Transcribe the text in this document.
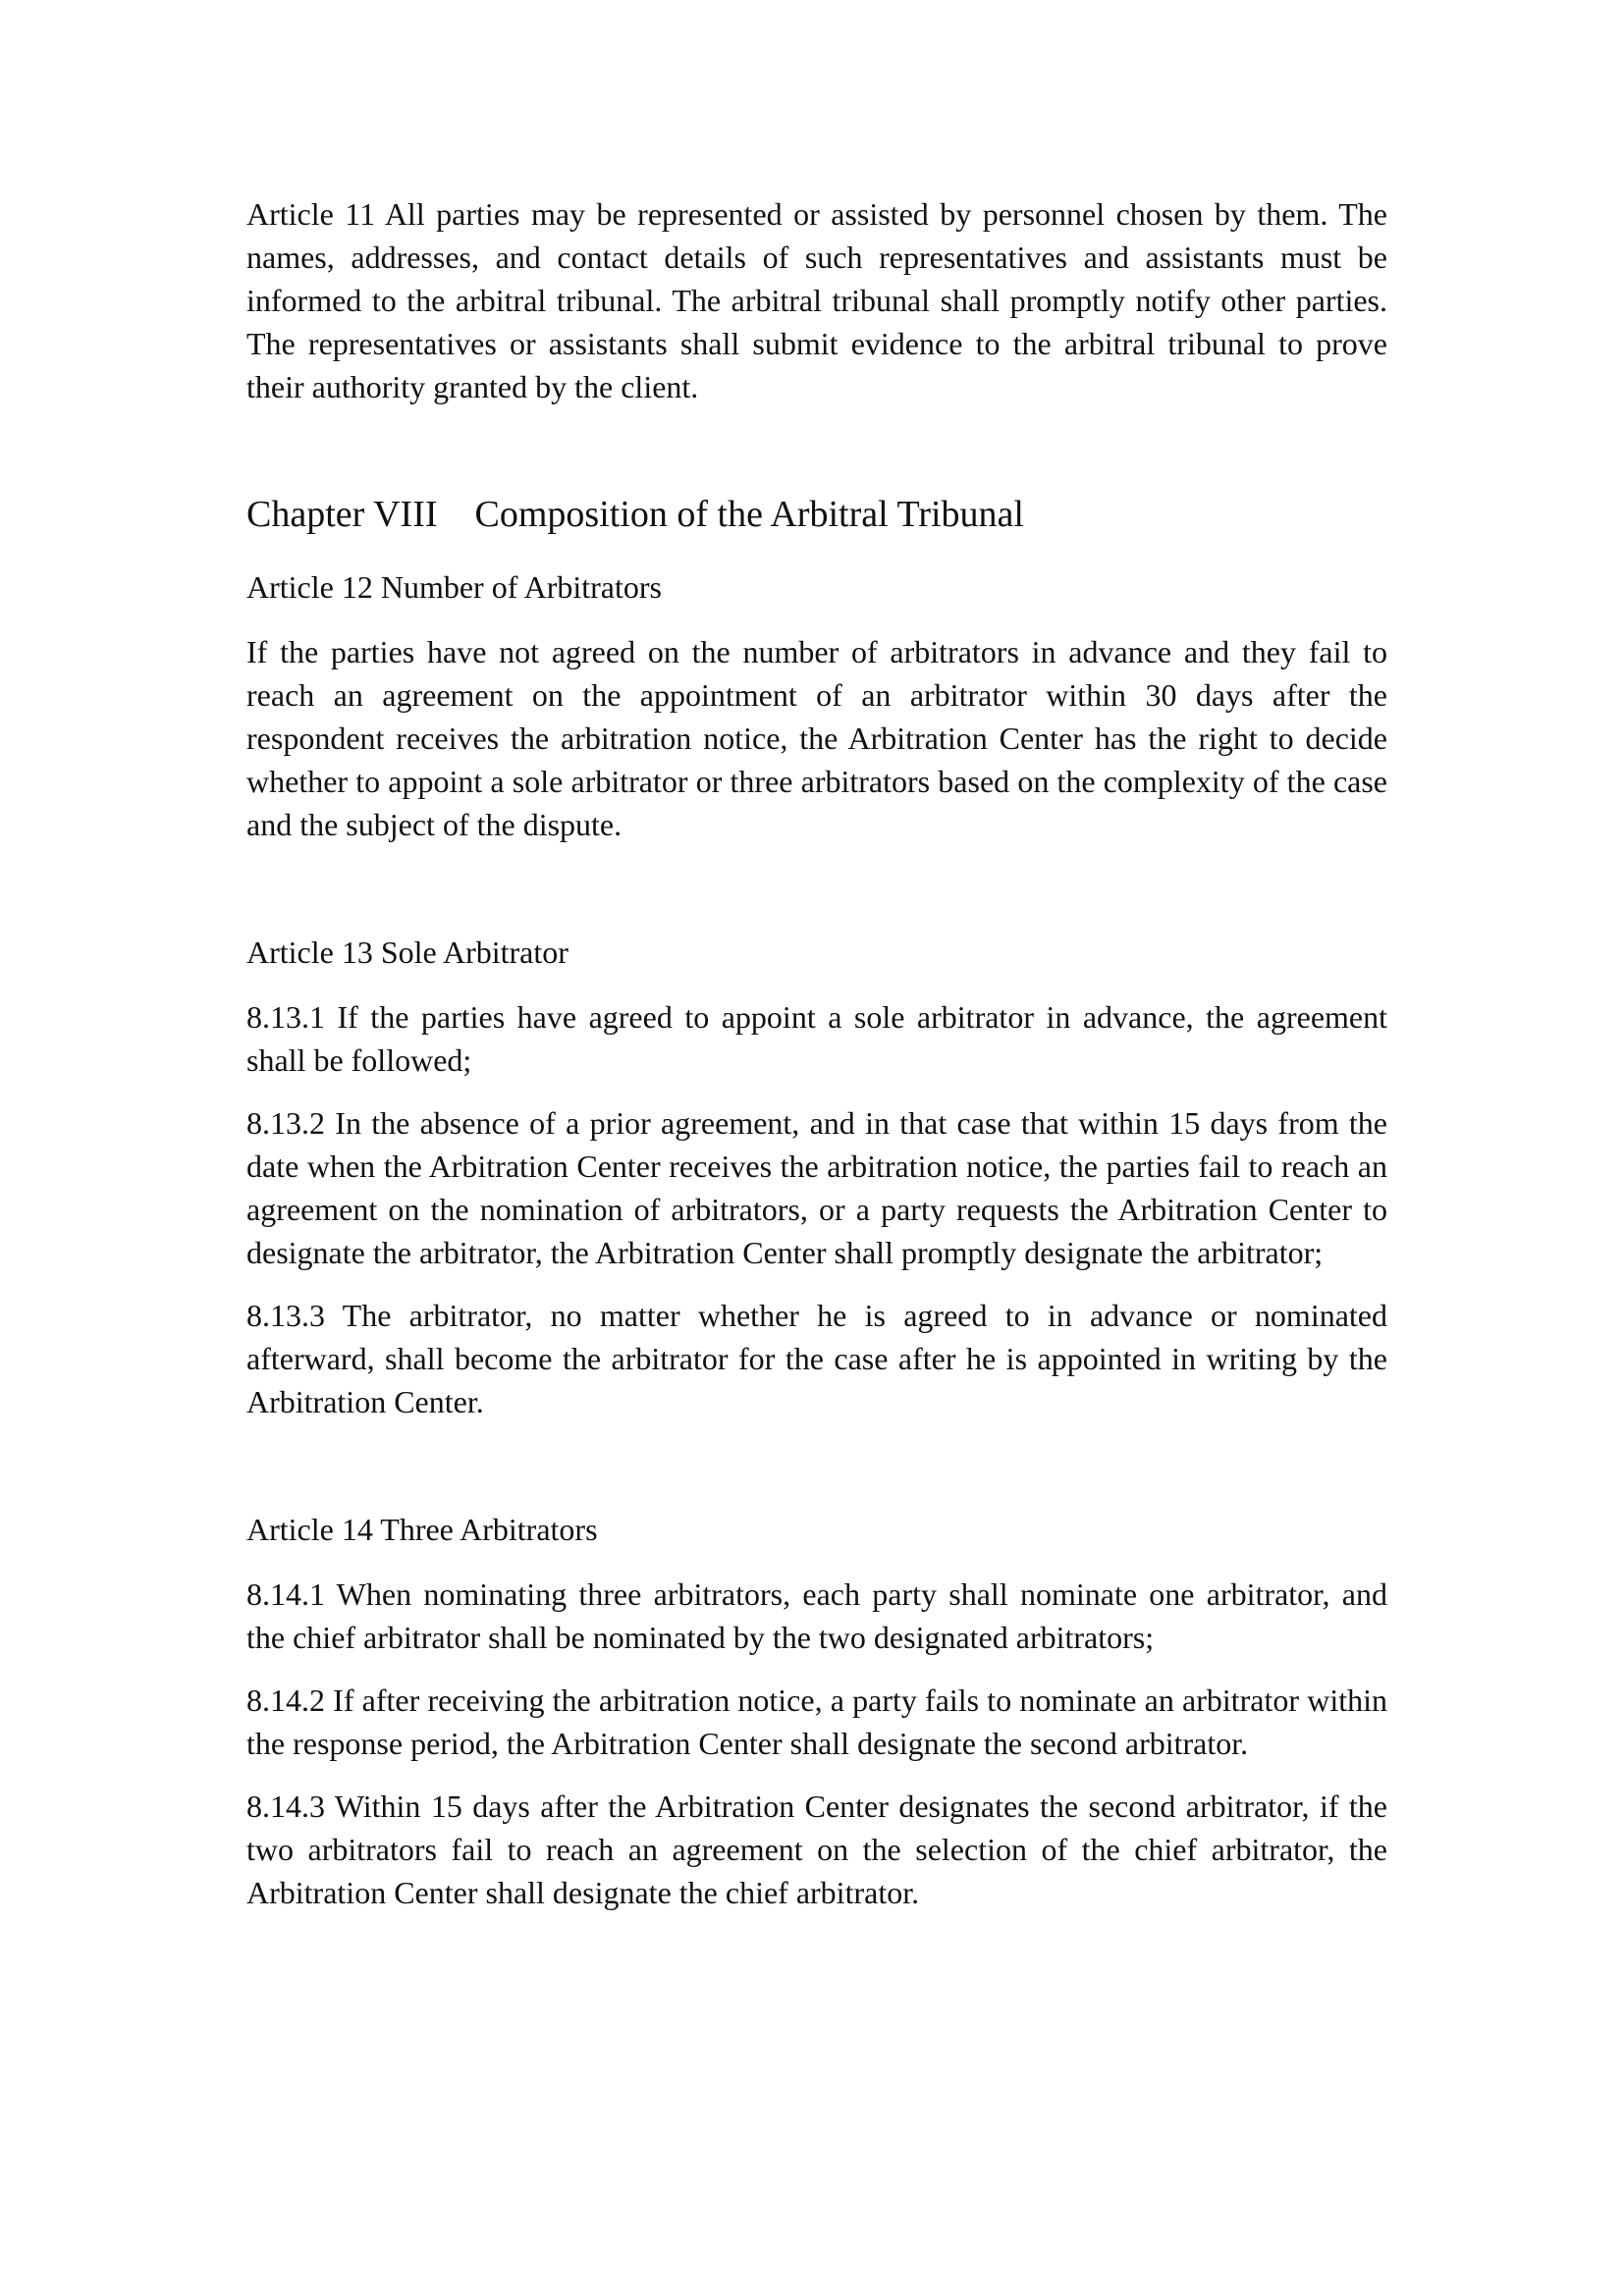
Article 11 All parties may be represented or assisted by personnel chosen by them. The names, addresses, and contact details of such representatives and assistants must be informed to the arbitral tribunal. The arbitral tribunal shall promptly notify other parties. The representatives or assistants shall submit evidence to the arbitral tribunal to prove their authority granted by the client.

Chapter VIII Composition of the Arbitral Tribunal
Article 12 Number of Arbitrators

If the parties have not agreed on the number of arbitrators in advance and they fail to reach an agreement on the appointment of an arbitrator within 30 days after the respondent receives the arbitration notice, the Arbitration Center has the right to decide whether to appoint a sole arbitrator or three arbitrators based on the complexity of the case and the subject of the dispute.

Article 13 Sole Arbitrator

8.13.1 If the parties have agreed to appoint a sole arbitrator in advance, the agreement shall be followed;

8.13.2 In the absence of a prior agreement, and in that case that within 15 days from the date when the Arbitration Center receives the arbitration notice, the parties fail to reach an agreement on the nomination of arbitrators, or a party requests the Arbitration Center to designate the arbitrator, the Arbitration Center shall promptly designate the arbitrator;

8.13.3 The arbitrator, no matter whether he is agreed to in advance or nominated afterward, shall become the arbitrator for the case after he is appointed in writing by the Arbitration Center.

Article 14 Three Arbitrators

8.14.1 When nominating three arbitrators, each party shall nominate one arbitrator, and the chief arbitrator shall be nominated by the two designated arbitrators;

8.14.2 If after receiving the arbitration notice, a party fails to nominate an arbitrator within the response period, the Arbitration Center shall designate the second arbitrator.

8.14.3 Within 15 days after the Arbitration Center designates the second arbitrator, if the two arbitrators fail to reach an agreement on the selection of the chief arbitrator, the Arbitration Center shall designate the chief arbitrator.
